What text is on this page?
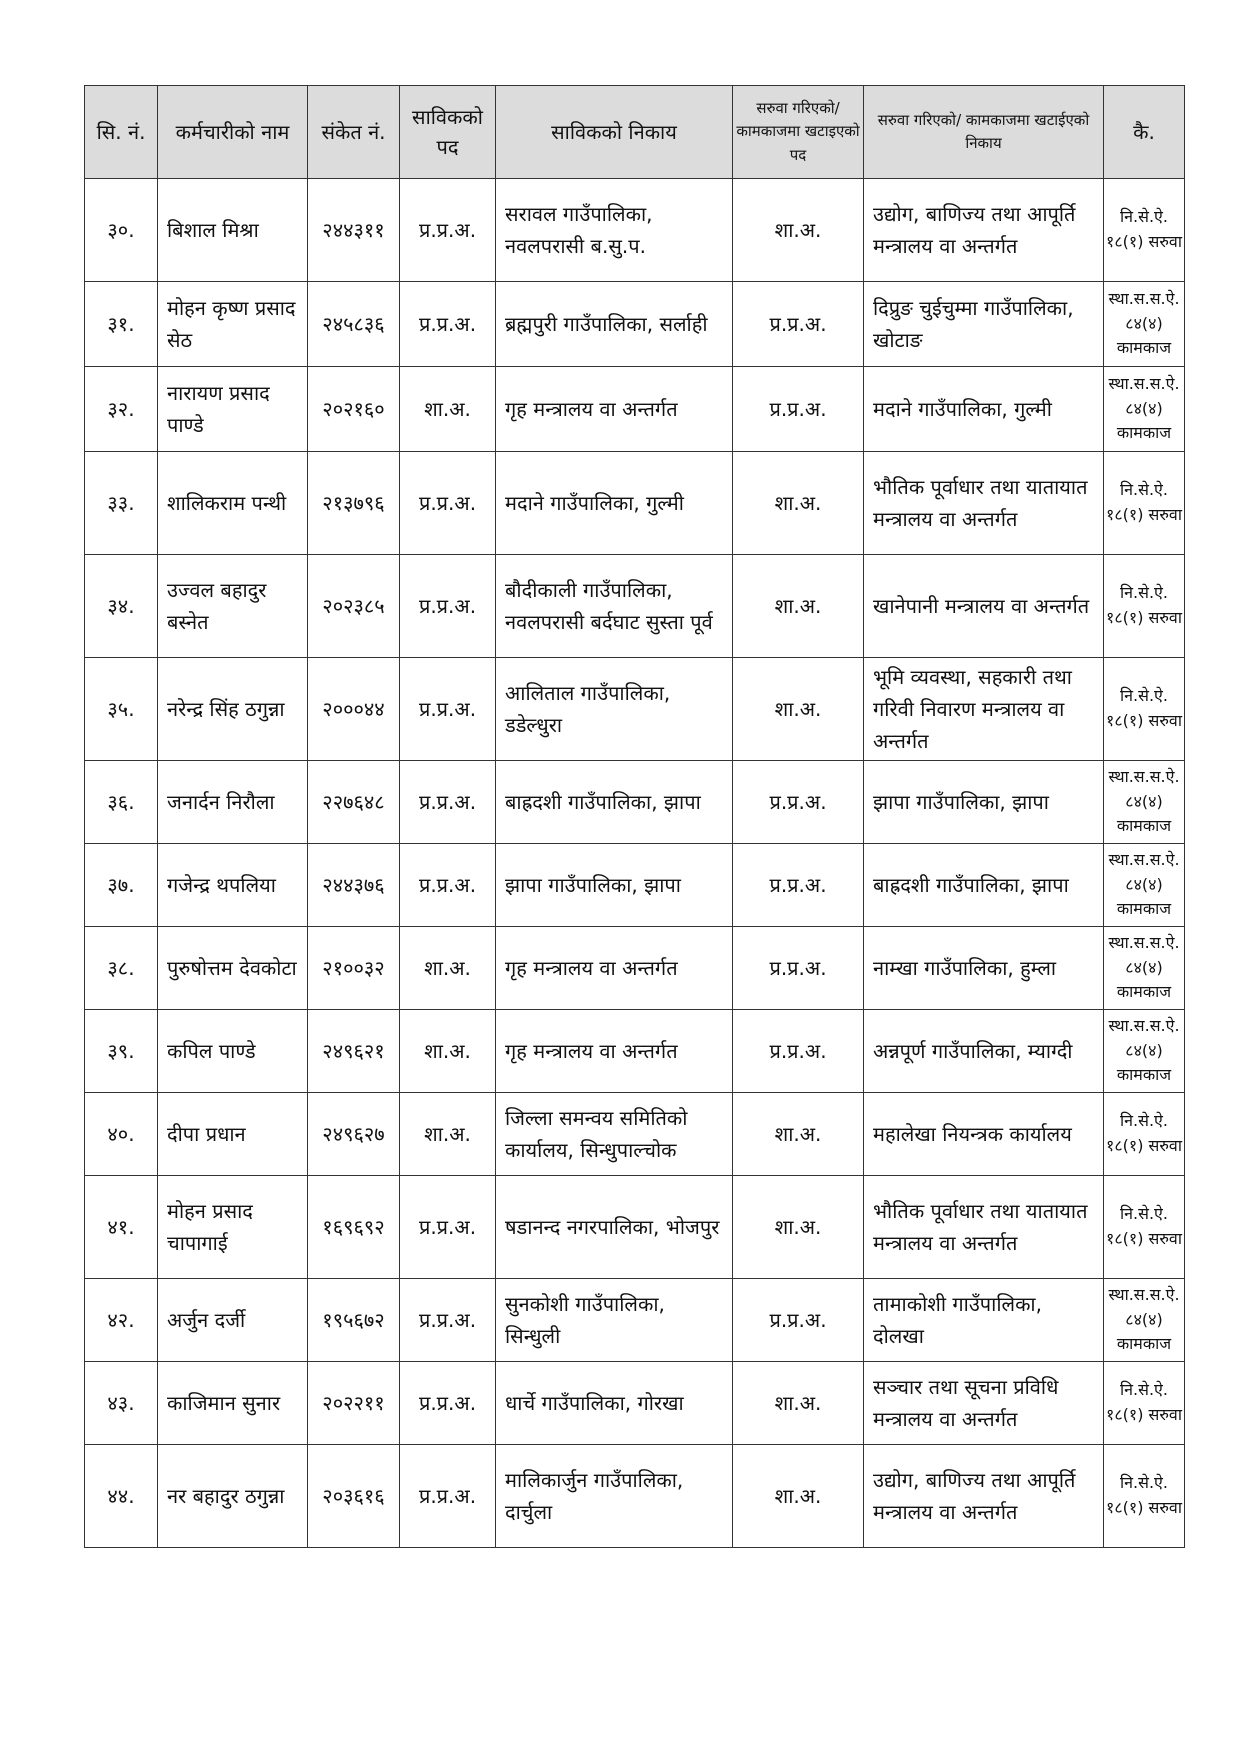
सि. नं.	कर्मचारीको नाम	संकेत नं.	साविकको पद	साविकको निकाय	सरुवा गरिएको/ कामकाजमा खटाइएको पद	सरुवा गरिएको/ कामकाजमा खटाईएको निकाय	कै.
३०.	बिशाल मिश्रा	२४४३११	प्र.प्र.अ.	सरावल गाउँपालिका, नवलपरासी ब.सु.प.	शा.अ.	उद्योग, बाणिज्य तथा आपूर्ति मन्त्रालय वा अन्तर्गत	नि.से.ऐ. १८(१) सरुवा
३१.	मोहन कृष्ण प्रसाद सेठ	२४५८३६	प्र.प्र.अ.	ब्रह्मपुरी गाउँपालिका, सर्लाही	प्र.प्र.अ.	दिप्रुङ चुईचुम्मा गाउँपालिका, खोटाङ	स्था.स.स.ऐ. ८४(४) कामकाज
३२.	नारायण प्रसाद पाण्डे	२०२१६०	शा.अ.	गृह मन्त्रालय वा अन्तर्गत	प्र.प्र.अ.	मदाने गाउँपालिका, गुल्मी	स्था.स.स.ऐ. ८४(४) कामकाज
३३.	शालिकराम पन्थी	२१३७९६	प्र.प्र.अ.	मदाने गाउँपालिका, गुल्मी	शा.अ.	भौतिक पूर्वाधार तथा यातायात मन्त्रालय वा अन्तर्गत	नि.से.ऐ. १८(१) सरुवा
३४.	उज्वल बहादुर बस्नेत	२०२३८५	प्र.प्र.अ.	बौदीकाली गाउँपालिका, नवलपरासी बर्दघाट सुस्ता पूर्व	शा.अ.	खानेपानी मन्त्रालय वा अन्तर्गत	नि.से.ऐ. १८(१) सरुवा
३५.	नरेन्द्र सिंह ठगुन्ना	२०००४४	प्र.प्र.अ.	आलिताल गाउँपालिका, डडेल्धुरा	शा.अ.	भूमि व्यवस्था, सहकारी तथा गरिवी निवारण मन्त्रालय वा अन्तर्गत	नि.से.ऐ. १८(१) सरुवा
३६.	जनार्दन निरौला	२२७६४८	प्र.प्र.अ.	बाह्रदशी गाउँपालिका, झापा	प्र.प्र.अ.	झापा गाउँपालिका, झापा	स्था.स.स.ऐ. ८४(४) कामकाज
३७.	गजेन्द्र थपलिया	२४४३७६	प्र.प्र.अ.	झापा गाउँपालिका, झापा	प्र.प्र.अ.	बाह्रदशी गाउँपालिका, झापा	स्था.स.स.ऐ. ८४(४) कामकाज
३८.	पुरुषोत्तम देवकोटा	२१००३२	शा.अ.	गृह मन्त्रालय वा अन्तर्गत	प्र.प्र.अ.	नाम्खा गाउँपालिका, हुम्ला	स्था.स.स.ऐ. ८४(४) कामकाज
३९.	कपिल पाण्डे	२४९६२१	शा.अ.	गृह मन्त्रालय वा अन्तर्गत	प्र.प्र.अ.	अन्नपूर्ण गाउँपालिका, म्याग्दी	स्था.स.स.ऐ. ८४(४) कामकाज
४०.	दीपा प्रधान	२४९६२७	शा.अ.	जिल्ला समन्वय समितिको कार्यालय, सिन्धुपाल्चोक	शा.अ.	महालेखा नियन्त्रक कार्यालय	नि.से.ऐ. १८(१) सरुवा
४१.	मोहन प्रसाद चापागाई	१६९६९२	प्र.प्र.अ.	षडानन्द नगरपालिका, भोजपुर	शा.अ.	भौतिक पूर्वाधार तथा यातायात मन्त्रालय वा अन्तर्गत	नि.से.ऐ. १८(१) सरुवा
४२.	अर्जुन दर्जी	१९५६७२	प्र.प्र.अ.	सुनकोशी गाउँपालिका, सिन्धुली	प्र.प्र.अ.	तामाकोशी गाउँपालिका, दोलखा	स्था.स.स.ऐ. ८४(४) कामकाज
४३.	काजिमान सुनार	२०२२११	प्र.प्र.अ.	धार्चे गाउँपालिका, गोरखा	शा.अ.	सञ्चार तथा सूचना प्रविधि मन्त्रालय वा अन्तर्गत	नि.से.ऐ. १८(१) सरुवा
४४.	नर बहादुर ठगुन्ना	२०३६१६	प्र.प्र.अ.	मालिकार्जुन गाउँपालिका, दार्चुला	शा.अ.	उद्योग, बाणिज्य तथा आपूर्ति मन्त्रालय वा अन्तर्गत	नि.से.ऐ. १८(१) सरुवा
